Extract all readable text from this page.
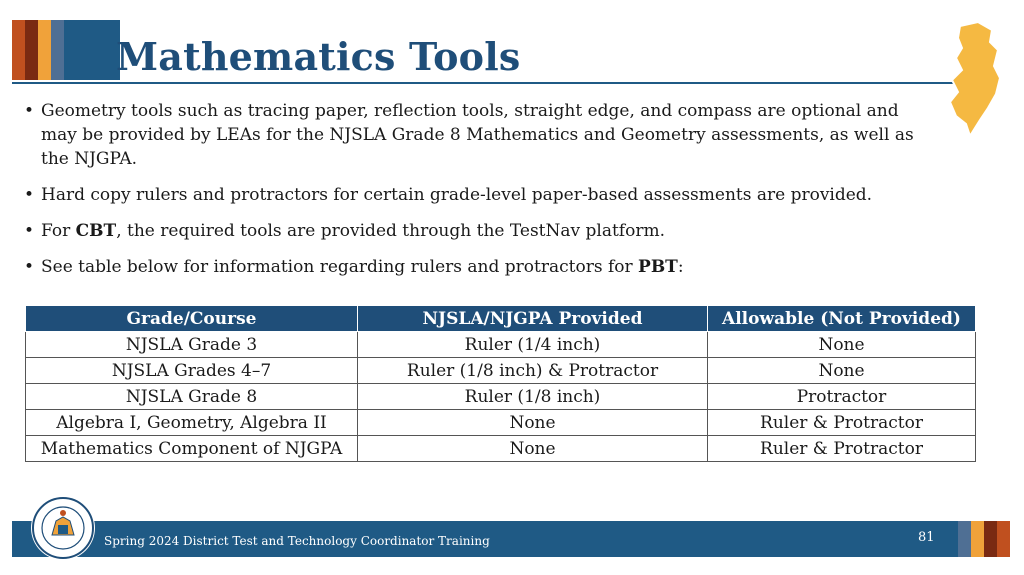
Mathematics Tools
• Geometry tools such as tracing paper, reflection tools, straight edge, and compass are optional and may be provided by LEAs for the NJSLA Grade 8 Mathematics and Geometry assessments, as well as the NJGPA.
• Hard copy rulers and protractors for certain grade-level paper-based assessments are provided.
• For CBT, the required tools are provided through the TestNav platform.
• See table below for information regarding rulers and protractors for PBT:
Grade/Course	NJSLA/NJGPA Provided	Allowable (Not Provided)
NJSLA Grade 3	Ruler (1/4 inch)	None
NJSLA Grades 4–7	Ruler (1/8 inch) & Protractor	None
NJSLA Grade 8	Ruler (1/8 inch)	Protractor
Algebra I, Geometry, Algebra II	None	Ruler & Protractor
Mathematics Component of NJGPA	None	Ruler & Protractor
Spring 2024 District Test and Technology Coordinator Training	81
